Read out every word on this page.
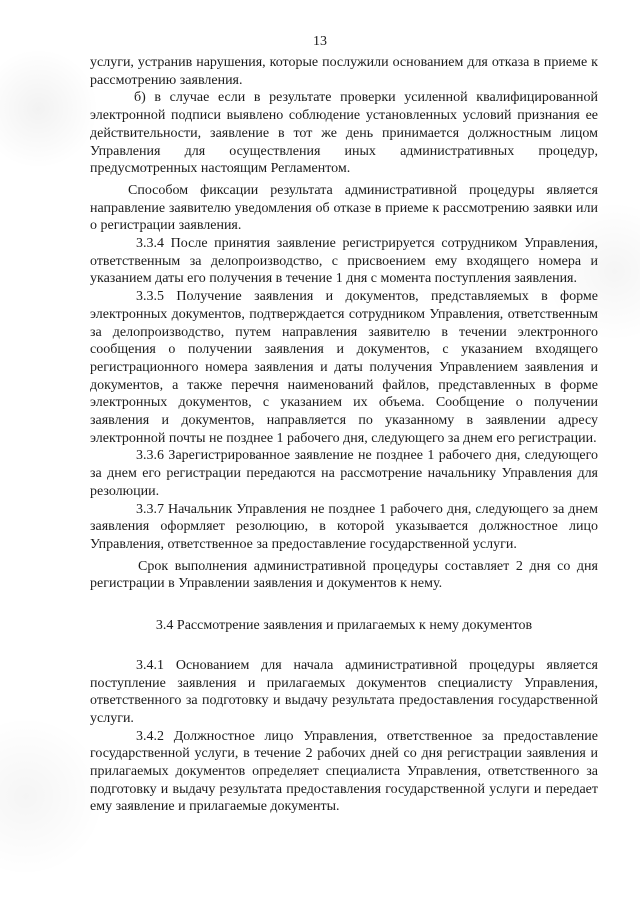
13

услуги, устранив нарушения, которые послужили основанием для отказа в приеме к рассмотрению заявления.

б) в случае если в результате проверки усиленной квалифицированной электронной подписи выявлено соблюдение установленных условий признания ее действительности, заявление в тот же день принимается должностным лицом Управления для осуществления иных административных процедур, предусмотренных настоящим Регламентом.

Способом фиксации результата административной процедуры является направление заявителю уведомления об отказе в приеме к рассмотрению заявки или о регистрации заявления.

3.3.4 После принятия заявление регистрируется сотрудником Управления, ответственным за делопроизводство, с присвоением ему входящего номера и указанием даты его получения в течение 1 дня с момента поступления заявления.

3.3.5 Получение заявления и документов, представляемых в форме электронных документов, подтверждается сотрудником Управления, ответственным за делопроизводство, путем направления заявителю в течении электронного сообщения о получении заявления и документов, с указанием входящего регистрационного номера заявления и даты получения Управлением заявления и документов, а также перечня наименований файлов, представленных в форме электронных документов, с указанием их объема. Сообщение о получении заявления и документов, направляется по указанному в заявлении адресу электронной почты не позднее 1 рабочего дня, следующего за днем его регистрации.

3.3.6 Зарегистрированное заявление не позднее 1 рабочего дня, следующего за днем его регистрации передаются на рассмотрение начальнику Управления для резолюции.

3.3.7 Начальник Управления не позднее 1 рабочего дня, следующего за днем заявления оформляет резолюцию, в которой указывается должностное лицо Управления, ответственное за предоставление государственной услуги.

Срок выполнения административной процедуры составляет 2 дня со дня регистрации в Управлении заявления и документов к нему.

3.4 Рассмотрение заявления и прилагаемых к нему документов

3.4.1 Основанием для начала административной процедуры является поступление заявления и прилагаемых документов специалисту Управления, ответственного за подготовку и выдачу результата предоставления государственной услуги.

3.4.2 Должностное лицо Управления, ответственное за предоставление государственной услуги, в течение 2 рабочих дней со дня регистрации заявления и прилагаемых документов определяет специалиста Управления, ответственного за подготовку и выдачу результата предоставления государственной услуги и передает ему заявление и прилагаемые документы.
